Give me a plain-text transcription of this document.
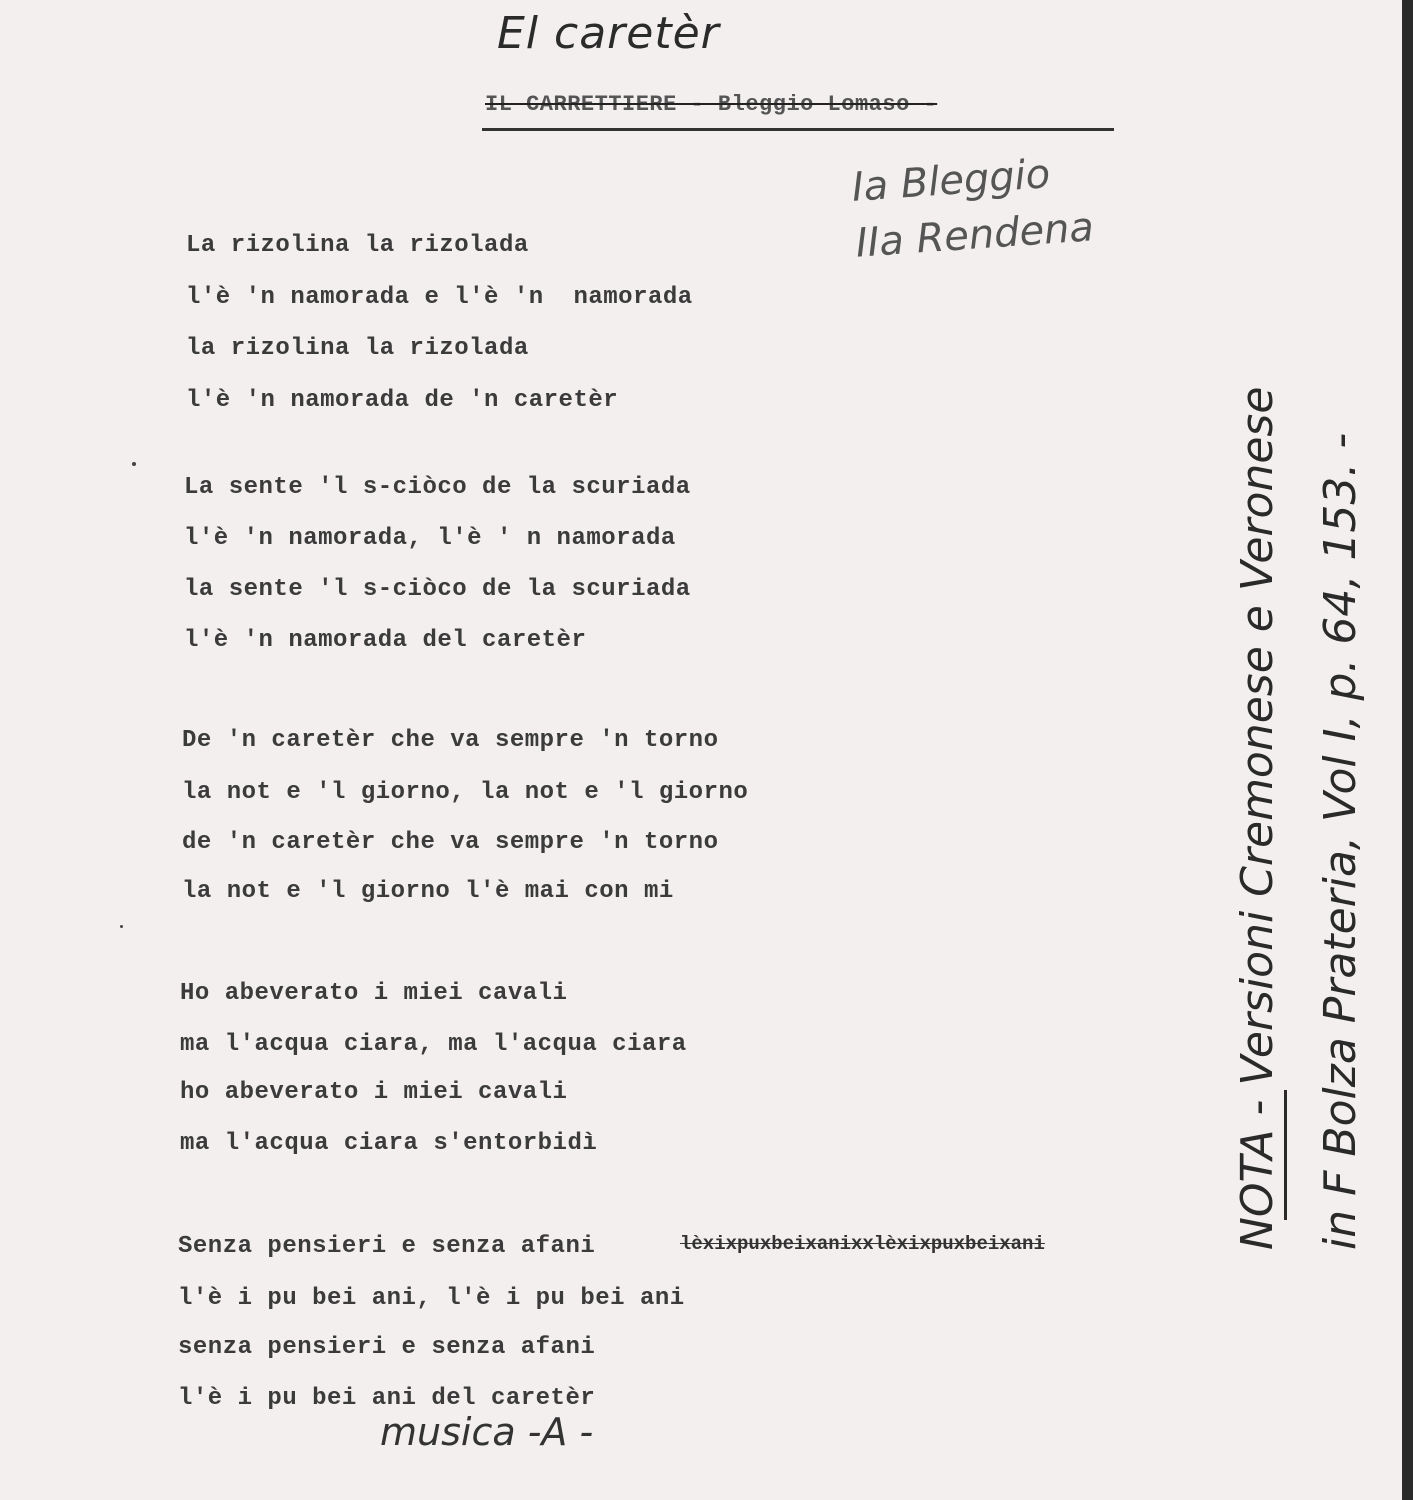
El caretèr
IL CARRETTIERE - Bleggio Lomaso -
Ia Bleggio
IIa Rendena
La rizolina la rizolada
l'è 'n namorada e l'è 'n  namorada
la rizolina la rizolada
l'è 'n namorada de 'n caretèr
La sente 'l s-ciòco de la scuriada
l'è 'n namorada, l'è ' n namorada
la sente 'l s-ciòco de la scuriada
l'è 'n namorada del caretèr
De 'n caretèr che va sempre 'n torno
la not e 'l giorno, la not e 'l giorno
de 'n caretèr che va sempre 'n torno
la not e 'l giorno l'è mai con mi
Ho abeverato i miei cavali
ma l'acqua ciara, ma l'acqua ciara
ho abeverato i miei cavali
ma l'acqua ciara s'entorbidì
Senza pensieri e senza afani	lèxixpuxbeixanixxlèxixpuxbeixani
l'è i pu bei ani, l'è i pu bei ani
senza pensieri e senza afani
l'è i pu bei ani del caretèr
musica -A -
NOTA - Versioni Cremonese e Veronese in F Bolza Prateria, Vol I, p. 64, 153. -
